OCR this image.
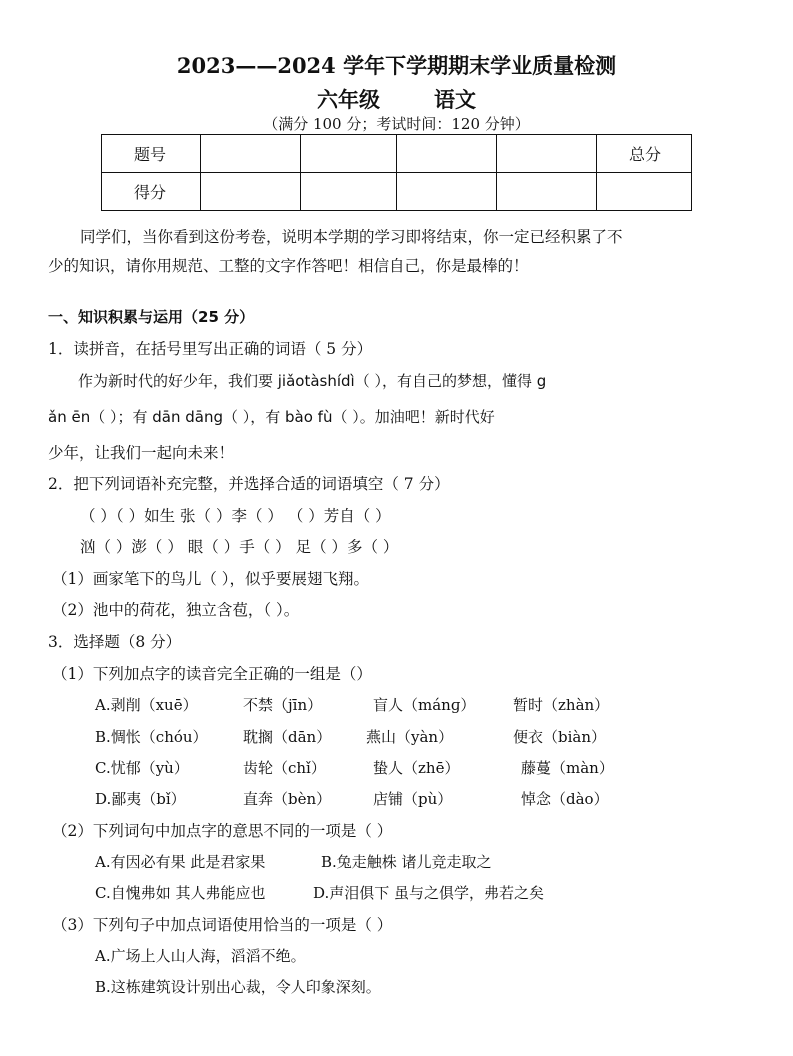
2023——2024 学年下学期期末学业质量检测
六年级	语文
（满分 100 分；考试时间：120 分钟）
题号					总分
得分					
同学们，当你看到这份考卷，说明本学期的学习即将结束，你一定已经积累了不
少的知识，请你用规范、工整的文字作答吧！相信自己，你是最棒的！
一、知识积累与运用（25 分）
1．读拼音，在括号里写出正确的词语（ 5 分）
作为新时代的好少年，我们要 jiǎotàshídì（ ），有自己的梦想，懂得 g
ǎn ēn（ ）；有 dān dāng（ ），有 bào fù（ ）。加油吧！新时代好
少年，让我们一起向未来！
2．把下列词语补充完整，并选择合适的词语填空（ 7 分）
（ ）（ ）如生 张（ ）李（ ） （ ）芳自（ ）
汹（ ）澎（ ） 眼（ ）手（ ） 足（ ）多（ ）
（1）画家笔下的鸟儿（ ），似乎要展翅飞翔。
（2）池中的荷花，独立含苞，（ ）。
3．选择题（8 分）
（1）下列加点字的读音完全正确的一组是（）
A.剥削（xuē）	不禁（jīn）	盲人（mánɡ）	暂时（zhàn）
B.惆怅（chóu） 耽搁（dān） 燕山（yàn）	便衣（biàn）
C.忧郁（yù）	齿轮（chǐ）	蛰人（zhē）	藤蔓（màn）
D.鄙夷（bǐ）	直奔（bèn）	店铺（pù）	悼念（dào）
（2）下列词句中加点字的意思不同的一项是（ ）
A.有因必有果 此是君家果	B.兔走触株 诸儿竞走取之
C.自愧弗如 其人弗能应也	D.声泪俱下 虽与之俱学，弗若之矣
（3）下列句子中加点词语使用恰当的一项是（ ）
A.广场上人山人海，滔滔不绝。
B.这栋建筑设计别出心裁，令人印象深刻。
